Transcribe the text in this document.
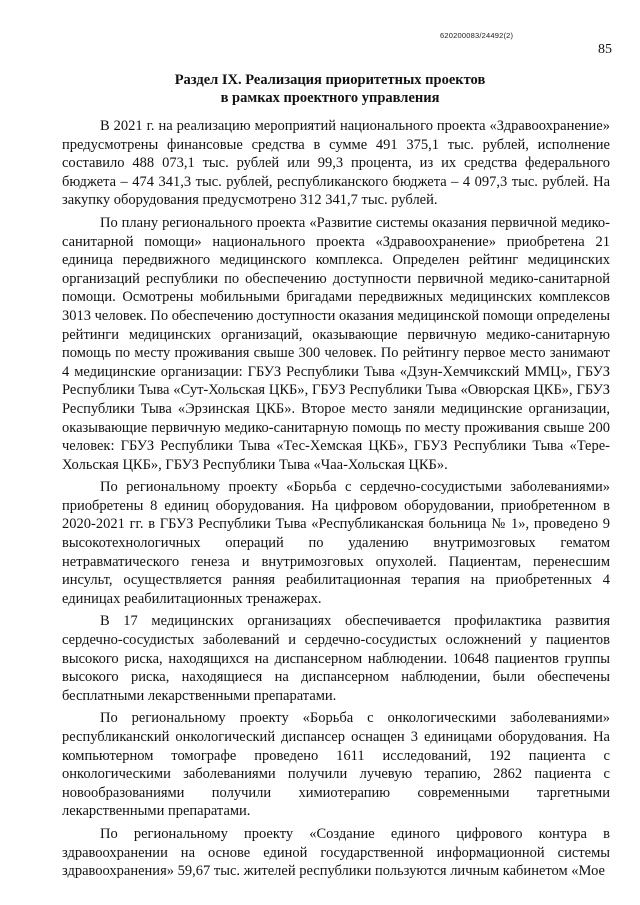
620200083/24492(2)
85
Раздел IX. Реализация приоритетных проектов
в рамках проектного управления

В 2021 г. на реализацию мероприятий национального проекта «Здравоохранение» предусмотрены финансовые средства в сумме 491 375,1 тыс. рублей, исполнение составило 488 073,1 тыс. рублей или 99,3 процента, из их средства федерального бюджета – 474 341,3 тыс. рублей, республиканского бюджета – 4 097,3 тыс. рублей. На закупку оборудования предусмотрено 312 341,7 тыс. рублей.

По плану регионального проекта «Развитие системы оказания первичной медико-санитарной помощи» национального проекта «Здравоохранение» приобретена 21 единица передвижного медицинского комплекса. Определен рейтинг медицинских организаций республики по обеспечению доступности первичной медико-санитарной помощи. Осмотрены мобильными бригадами передвижных медицинских комплексов 3013 человек. По обеспечению доступности оказания медицинской помощи определены рейтинги медицинских организаций, оказывающие первичную медико-санитарную помощь по месту проживания свыше 300 человек. По рейтингу первое место занимают 4 медицинские организации: ГБУЗ Республики Тыва «Дзун-Хемчикский ММЦ», ГБУЗ Республики Тыва «Сут-Хольская ЦКБ», ГБУЗ Республики Тыва «Овюрская ЦКБ», ГБУЗ Республики Тыва «Эрзинская ЦКБ». Второе место заняли медицинские организации, оказывающие первичную медико-санитарную помощь по месту проживания свыше 200 человек: ГБУЗ Республики Тыва «Тес-Хемская ЦКБ», ГБУЗ Республики Тыва «Тере-Хольская ЦКБ», ГБУЗ Республики Тыва «Чаа-Хольская ЦКБ».

По региональному проекту «Борьба с сердечно-сосудистыми заболеваниями» приобретены 8 единиц оборудования. На цифровом оборудовании, приобретенном в 2020-2021 гг. в ГБУЗ Республики Тыва «Республиканская больница № 1», проведено 9 высокотехнологичных операций по удалению внутримозговых гематом нетравматического генеза и внутримозговых опухолей. Пациентам, перенесшим инсульт, осуществляется ранняя реабилитационная терапия на приобретенных 4 единицах реабилитационных тренажерах.

В 17 медицинских организациях обеспечивается профилактика развития сердечно-сосудистых заболеваний и сердечно-сосудистых осложнений у пациентов высокого риска, находящихся на диспансерном наблюдении. 10648 пациентов группы высокого риска, находящиеся на диспансерном наблюдении, были обеспечены бесплатными лекарственными препаратами.

По региональному проекту «Борьба с онкологическими заболеваниями» республиканский онкологический диспансер оснащен 3 единицами оборудования. На компьютерном томографе проведено 1611 исследований, 192 пациента с онкологическими заболеваниями получили лучевую терапию, 2862 пациента с новообразованиями получили химиотерапию современными таргетными лекарственными препаратами.

По региональному проекту «Создание единого цифрового контура в здравоохранении на основе единой государственной информационной системы здравоохранения» 59,67 тыс. жителей республики пользуются личным кабинетом «Мое
